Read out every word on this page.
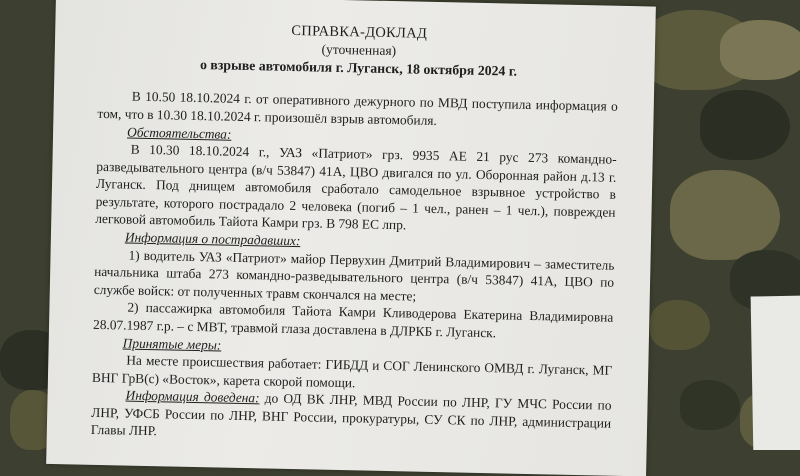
СПРАВКА-ДОКЛАД
(уточненная)
о взрыве автомобиля г. Луганск, 18 октября 2024 г.

В 10.50 18.10.2024 г. от оперативного дежурного по МВД поступила информация о том, что в 10.30 18.10.2024 г. произошёл взрыв автомобиля.

Обстоятельства:

В 10.30 18.10.2024 г., УАЗ «Патриот» грз. 9935 АЕ 21 рус 273 командно-разведывательного центра (в/ч 53847) 41А, ЦВО двигался по ул. Оборонная район д.13 г. Луганск. Под днищем автомобиля сработало самодельное взрывное устройство в результате, которого пострадало 2 человека (погиб – 1 чел., ранен – 1 чел.), поврежден легковой автомобиль Тайота Камри грз. В 798 ЕС лпр.

Информация о пострадавших:

1) водитель УАЗ «Патриот» майор Первухин Дмитрий Владимирович – заместитель начальника штаба 273 командно-разведывательного центра (в/ч 53847) 41А, ЦВО по службе войск: от полученных травм скончался на месте;

2) пассажирка автомобиля Тайота Камри Кливодерова Екатерина Владимировна 28.07.1987 г.р. – с МВТ, травмой глаза доставлена в ДЛРКБ г. Луганск.

Принятые меры:

На месте происшествия работает: ГИБДД и СОГ Ленинского ОМВД г. Луганск, МГ ВНГ ГрВ(с) «Восток», карета скорой помощи.

Информация доведена: до ОД ВК ЛНР, МВД России по ЛНР, ГУ МЧС России по ЛНР, УФСБ России по ЛНР, ВНГ России, прокуратуры, СУ СК по ЛНР, администрации Главы ЛНР.
